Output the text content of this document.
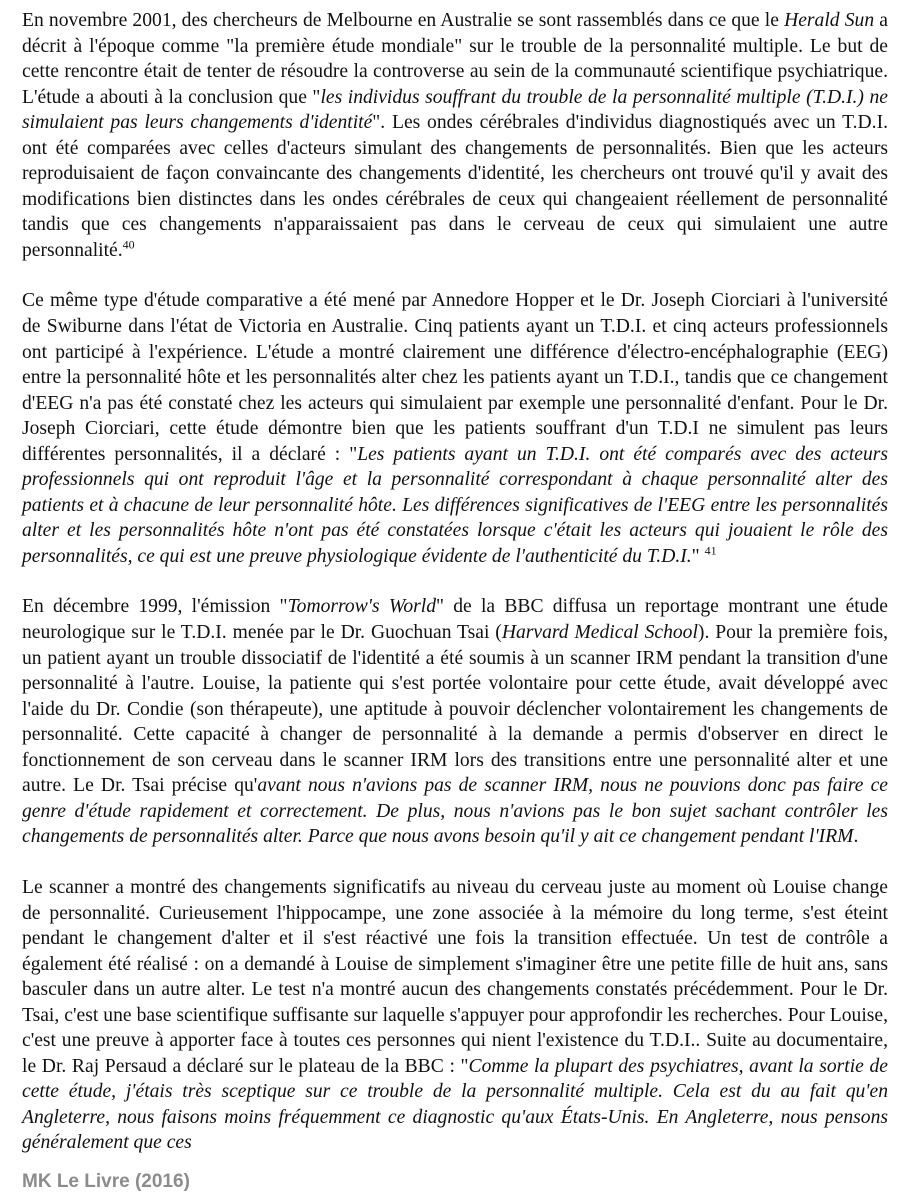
En novembre 2001, des chercheurs de Melbourne en Australie se sont rassemblés dans ce que le Herald Sun a décrit à l'époque comme "la première étude mondiale" sur le trouble de la personnalité multiple. Le but de cette rencontre était de tenter de résoudre la controverse au sein de la communauté scientifique psychiatrique. L'étude a abouti à la conclusion que "les individus souffrant du trouble de la personnalité multiple (T.D.I.) ne simulaient pas leurs changements d'identité". Les ondes cérébrales d'individus diagnostiqués avec un T.D.I. ont été comparées avec celles d'acteurs simulant des changements de personnalités. Bien que les acteurs reproduisaient de façon convaincante des changements d'identité, les chercheurs ont trouvé qu'il y avait des modifications bien distinctes dans les ondes cérébrales de ceux qui changeaient réellement de personnalité tandis que ces changements n'apparaissaient pas dans le cerveau de ceux qui simulaient une autre personnalité.$^{40}$

Ce même type d'étude comparative a été mené par Annedore Hopper et le Dr. Joseph Ciorciari à l'université de Swiburne dans l'état de Victoria en Australie. Cinq patients ayant un T.D.I. et cinq acteurs professionnels ont participé à l'expérience. L'étude a montré clairement une différence d'électro-encéphalographie (EEG) entre la personnalité hôte et les personnalités alter chez les patients ayant un T.D.I., tandis que ce changement d'EEG n'a pas été constaté chez les acteurs qui simulaient par exemple une personnalité d'enfant. Pour le Dr. Joseph Ciorciari, cette étude démontre bien que les patients souffrant d'un T.D.I ne simulent pas leurs différentes personnalités, il a déclaré : "Les patients ayant un T.D.I. ont été comparés avec des acteurs professionnels qui ont reproduit l'âge et la personnalité correspondant à chaque personnalité alter des patients et à chacune de leur personnalité hôte. Les différences significatives de l'EEG entre les personnalités alter et les personnalités hôte n'ont pas été constatées lorsque c'était les acteurs qui jouaient le rôle des personnalités, ce qui est une preuve physiologique évidente de l'authenticité du T.D.I." $^{41}$

En décembre 1999, l'émission "Tomorrow's World" de la BBC diffusa un reportage montrant une étude neurologique sur le T.D.I. menée par le Dr. Guochuan Tsai (Harvard Medical School). Pour la première fois, un patient ayant un trouble dissociatif de l'identité a été soumis à un scanner IRM pendant la transition d'une personnalité à l'autre. Louise, la patiente qui s'est portée volontaire pour cette étude, avait développé avec l'aide du Dr. Condie (son thérapeute), une aptitude à pouvoir déclencher volontairement les changements de personnalité. Cette capacité à changer de personnalité à la demande a permis d'observer en direct le fonctionnement de son cerveau dans le scanner IRM lors des transitions entre une personnalité alter et une autre. Le Dr. Tsai précise qu'avant nous n'avions pas de scanner IRM, nous ne pouvions donc pas faire ce genre d'étude rapidement et correctement. De plus, nous n'avions pas le bon sujet sachant contrôler les changements de personnalités alter. Parce que nous avons besoin qu'il y ait ce changement pendant l'IRM.

Le scanner a montré des changements significatifs au niveau du cerveau juste au moment où Louise change de personnalité. Curieusement l'hippocampe, une zone associée à la mémoire du long terme, s'est éteint pendant le changement d'alter et il s'est réactivé une fois la transition effectuée. Un test de contrôle a également été réalisé : on a demandé à Louise de simplement s'imaginer être une petite fille de huit ans, sans basculer dans un autre alter. Le test n'a montré aucun des changements constatés précédemment. Pour le Dr. Tsai, c'est une base scientifique suffisante sur laquelle s'appuyer pour approfondir les recherches. Pour Louise, c'est une preuve à apporter face à toutes ces personnes qui nient l'existence du T.D.I.. Suite au documentaire, le Dr. Raj Persaud a déclaré sur le plateau de la BBC : "Comme la plupart des psychiatres, avant la sortie de cette étude, j'étais très sceptique sur ce trouble de la personnalité multiple. Cela est du au fait qu'en Angleterre, nous faisons moins fréquemment ce diagnostic qu'aux États-Unis. En Angleterre, nous pensons généralement que ces

MK Le Livre (2016)
